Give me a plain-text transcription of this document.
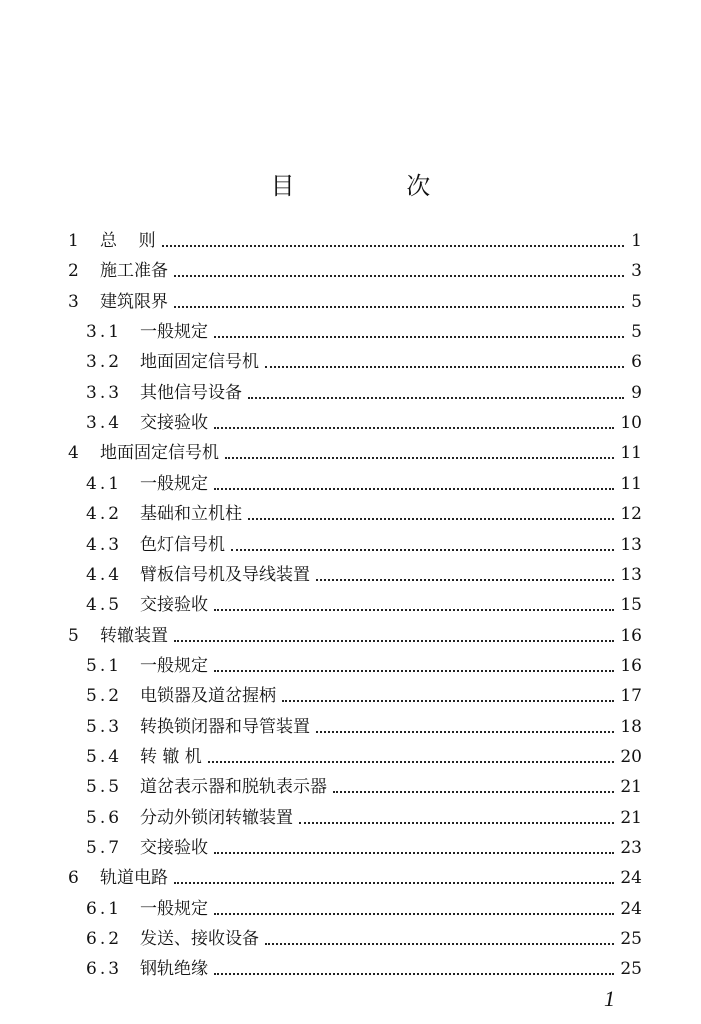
目 次
1	总    则	1
2	施工准备	3
3	建筑限界	5
3.1	一般规定	5
3.2	地面固定信号机	6
3.3	其他信号设备	9
3.4	交接验收	10
4	地面固定信号机	11
4.1	一般规定	11
4.2	基础和立机柱	12
4.3	色灯信号机	13
4.4	臂板信号机及导线装置	13
4.5	交接验收	15
5	转辙装置	16
5.1	一般规定	16
5.2	电锁器及道岔握柄	17
5.3	转换锁闭器和导管装置	18
5.4	转 辙 机	20
5.5	道岔表示器和脱轨表示器	21
5.6	分动外锁闭转辙装置	21
5.7	交接验收	23
6	轨道电路	24
6.1	一般规定	24
6.2	发送、接收设备	25
6.3	钢轨绝缘	25
1
